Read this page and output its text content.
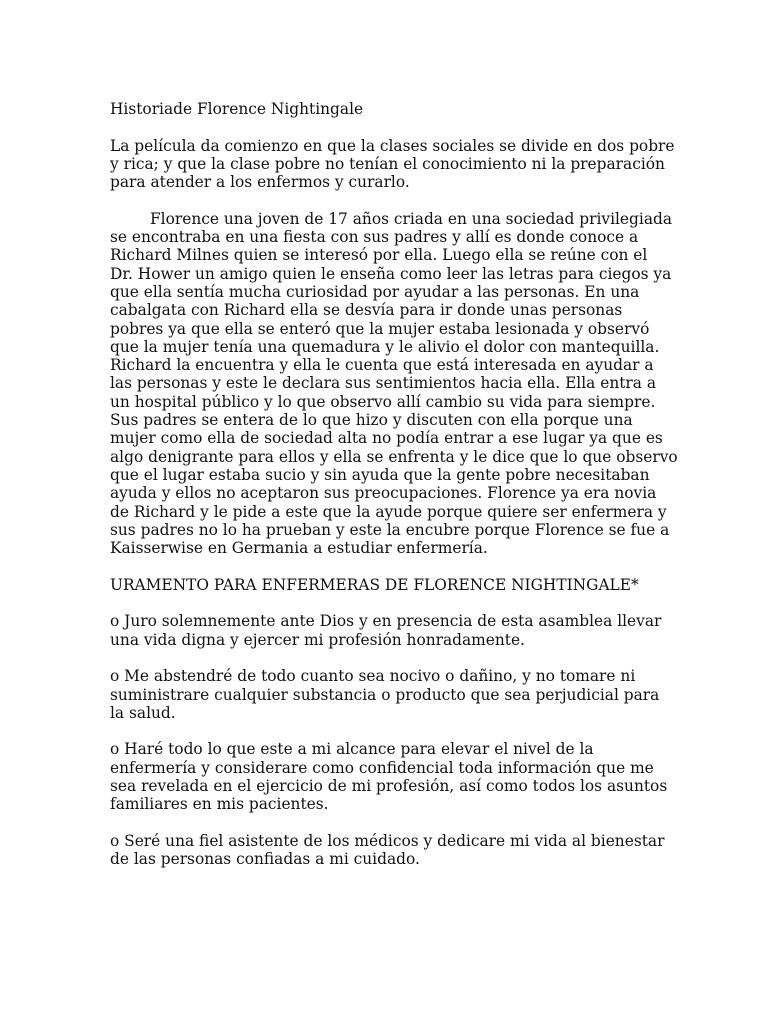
Historiade Florence Nightingale
La película da comienzo en que la clases sociales se divide en dos pobre
y rica; y que la clase pobre no tenían el conocimiento ni la preparación
para atender a los enfermos y curarlo.
Florence una joven de 17 años criada en una sociedad privilegiada
se encontraba en una fiesta con sus padres y allí es donde conoce a
Richard Milnes quien se interesó por ella. Luego ella se reúne con el
Dr. Hower un amigo quien le enseña como leer las letras para ciegos ya
que ella sentía mucha curiosidad por ayudar a las personas. En una
cabalgata con Richard ella se desvía para ir donde unas personas
pobres ya que ella se enteró que la mujer estaba lesionada y observó
que la mujer tenía una quemadura y le alivio el dolor con mantequilla.
Richard la encuentra y ella le cuenta que está interesada en ayudar a
las personas y este le declara sus sentimientos hacia ella. Ella entra a
un hospital público y lo que observo allí cambio su vida para siempre.
Sus padres se entera de lo que hizo y discuten con ella porque una
mujer como ella de sociedad alta no podía entrar a ese lugar ya que es
algo denigrante para ellos y ella se enfrenta y le dice que lo que observo
que el lugar estaba sucio y sin ayuda que la gente pobre necesitaban
ayuda y ellos no aceptaron sus preocupaciones. Florence ya era novia
de Richard y le pide a este que la ayude porque quiere ser enfermera y
sus padres no lo ha prueban y este la encubre porque Florence se fue a
Kaisserwise en Germania a estudiar enfermería.
URAMENTO PARA ENFERMERAS DE FLORENCE NIGHTINGALE*
o Juro solemnemente ante Dios y en presencia de esta asamblea llevar
una vida digna y ejercer mi profesión honradamente.
o Me abstendré de todo cuanto sea nocivo o dañino, y no tomare ni
suministrare cualquier substancia o producto que sea perjudicial para
la salud.
o Haré todo lo que este a mi alcance para elevar el nivel de la
enfermería y considerare como confidencial toda información que me
sea revelada en el ejercicio de mi profesión, así como todos los asuntos
familiares en mis pacientes.
o Seré una fiel asistente de los médicos y dedicare mi vida al bienestar
de las personas confiadas a mi cuidado.
